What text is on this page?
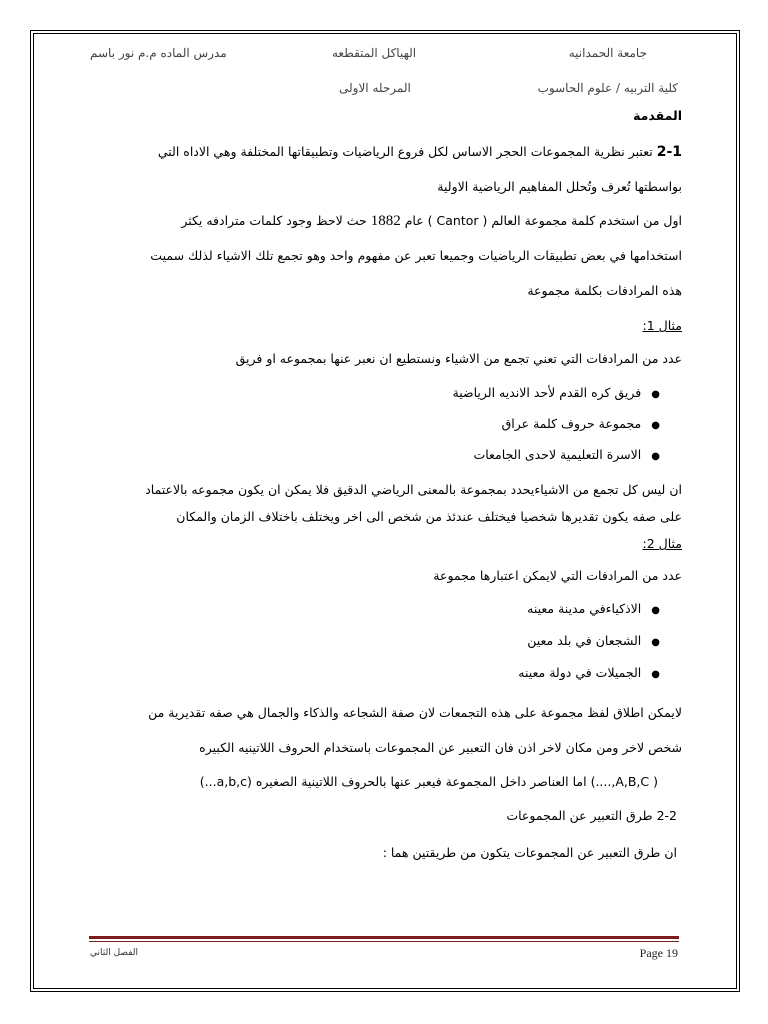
جامعة الحمدانيه
الهياكل المتقطعه
مدرس الماده م.م نور باسم
كلية التربيه / علوم الحاسوب
المرحله الاولى
المقدمة
2-1 تعتبر نظرية المجموعات الحجر الاساس لكل فروع الرياضيات وتطبيقاتها المختلفة وهي الاداه التي
بواسطتها تُعرف وتُحلل المفاهيم الرياضية الاولية
اول من استخدم كلمة مجموعة العالم ( Cantor ) عام 1882 حث لاحظ وجود كلمات مترادفه يكثر
استخدامها في بعض تطبيقات الرياضيات وجميعا تعبر عن مفهوم واحد وهو تجمع تلك الاشياء لذلك سميت
هذه المرادفات بكلمة مجموعة
مثال 1:
عدد من المرادفات التي تعني تجمع من الاشياء ونستطيع ان نعبر عنها بمجموعه او فريق
●فريق كره القدم لأحد الانديه الرياضية
●مجموعة حروف كلمة عراق
●الاسرة التعليمية لاحدى الجامعات
ان ليس كل تجمع من الاشياءيحدد بمجموعة بالمعنى الرياضي الدقيق فلا يمكن ان يكون مجموعه بالاعتماد
على صفه يكون تقديرها شخصيا فيختلف عندئذ من شخص الى اخر ويختلف باختلاف الزمان والمكان
مثال 2:
عدد من المرادفات التي لايمكن اعتبارها مجموعة
●الاذكياءفي مدينة معينه
●الشجعان في بلد معين
●الجميلات في دولة معينه
لايمكن اطلاق لفظ مجموعة على هذه التجمعات لان صفة الشجاعه والذكاء والجمال هي صفه تقديرية من
شخص لاخر ومن مكان لاخر اذن فان التعبير عن المجموعات باستخدام الحروف اللاتينيه الكبيره
( A,B,C,....) اما العناصر داخل المجموعة فيعبر عنها بالحروف اللاتينية الصغيره (a,b,c...)
2-2 طرق التعبير عن المجموعات
ان طرق التعبير عن المجموعات يتكون من طريقتين هما :
الفصل الثاني	Page 19
